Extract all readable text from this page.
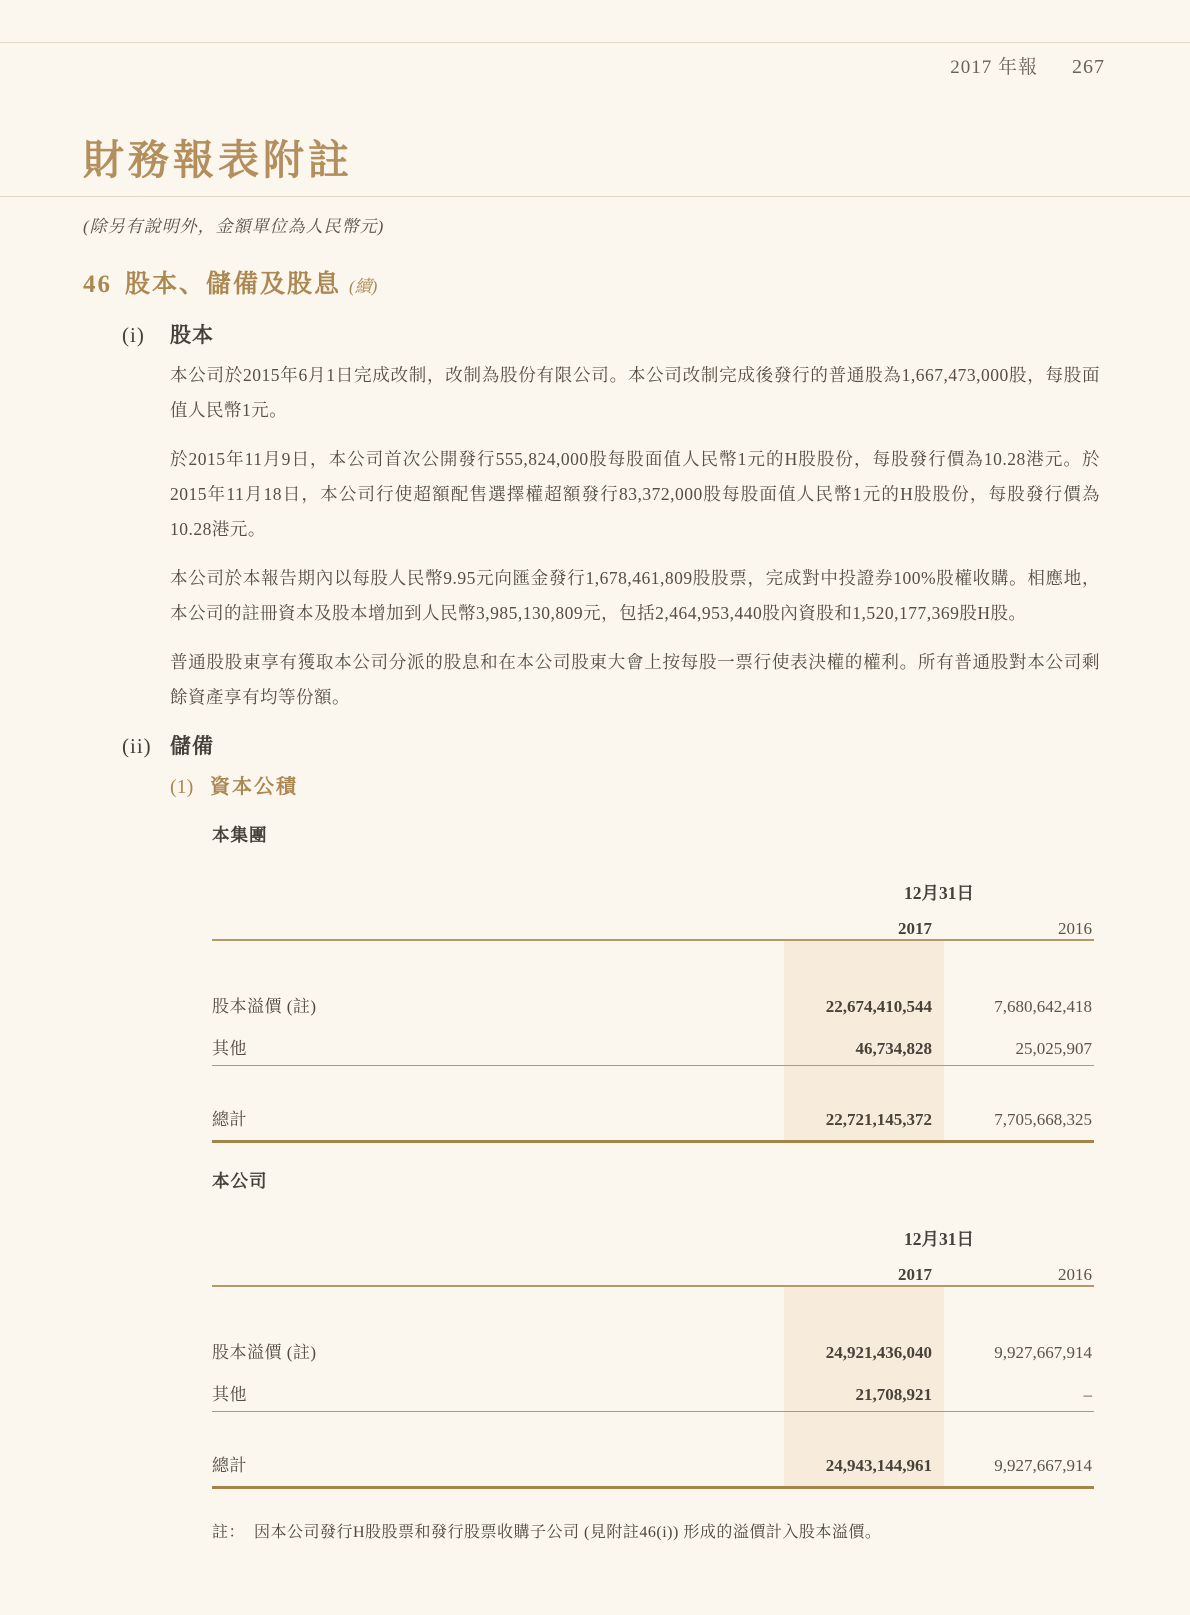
2017 年報 267
財務報表附註
(除另有說明外，金額單位為人民幣元)
46 股本、儲備及股息 (續)
(i)	股本

本公司於2015年6月1日完成改制，改制為股份有限公司。本公司改制完成後發行的普通股為1,667,473,000股，每股面值人民幣1元。

於2015年11月9日，本公司首次公開發行555,824,000股每股面值人民幣1元的H股股份，每股發行價為10.28港元。於2015年11月18日，本公司行使超額配售選擇權超額發行83,372,000股每股面值人民幣1元的H股股份，每股發行價為10.28港元。

本公司於本報告期內以每股人民幣9.95元向匯金發行1,678,461,809股股票，完成對中投證券100%股權收購。相應地，本公司的註冊資本及股本增加到人民幣3,985,130,809元，包括2,464,953,440股內資股和1,520,177,369股H股。

普通股股東享有獲取本公司分派的股息和在本公司股東大會上按每股一票行使表決權的權利。所有普通股對本公司剩餘資產享有均等份額。

(ii) 儲備
(1) 資本公積
本集團
	12月31日	
	2017	2016

股本溢價 (註)	22,674,410,544	7,680,642,418
其他	46,734,828	25,025,907

總計	22,721,145,372	7,705,668,325
本公司
	12月31日	
	2017	2016

股本溢價 (註)	24,921,436,040	9,927,667,914
其他	21,708,921	–

總計	24,943,144,961	9,927,667,914
註： 因本公司發行H股股票和發行股票收購子公司 (見附註46(i)) 形成的溢價計入股本溢價。
